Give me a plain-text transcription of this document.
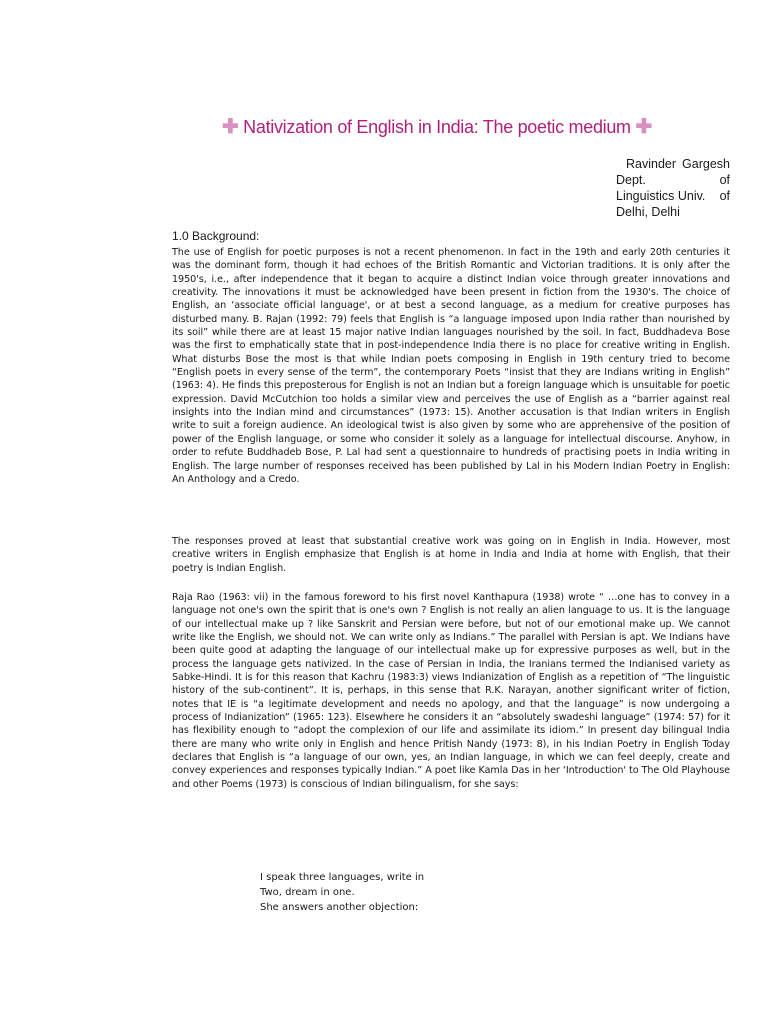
✚ Nativization of English in India: The poetic medium ✚
Ravinder Gargesh
Dept.	of
Linguistics Univ. of
Delhi, Delhi
1.0 Background:

The use of English for poetic purposes is not a recent phenomenon. In fact in the 19th and early 20th centuries it was the dominant form, though it had echoes of the British Romantic and Victorian traditions. It is only after the 1950's, i.e., after independence that it began to acquire a distinct Indian voice through greater innovations and creativity. The innovations it must be acknowledged have been present in fiction from the 1930's. The choice of English, an ‘associate official language', or at best a second language, as a medium for creative purposes has disturbed many. B. Rajan (1992: 79) feels that English is “a language imposed upon India rather than nourished by its soil” while there are at least 15 major native Indian languages nourished by the soil. In fact, Buddhadeva Bose was the first to emphatically state that in post-independence India there is no place for creative writing in English. What disturbs Bose the most is that while Indian poets composing in English in 19th century tried to become “English poets in every sense of the term”, the contemporary Poets “insist that they are Indians writing in English” (1963: 4). He finds this preposterous for English is not an Indian but a foreign language which is unsuitable for poetic expression. David McCutchion too holds a similar view and perceives the use of English as a “barrier against real insights into the Indian mind and circumstances” (1973: 15). Another accusation is that Indian writers in English write to suit a foreign audience. An ideological twist is also given by some who are apprehensive of the position of power of the English language, or some who consider it solely as a language for intellectual discourse. Anyhow, in order to refute Buddhadeb Bose, P. Lal had sent a questionnaire to hundreds of practising poets in India writing in English. The large number of responses received has been published by Lal in his Modern Indian Poetry in English: An Anthology and a Credo.

The responses proved at least that substantial creative work was going on in English in India. However, most creative writers in English emphasize that English is at home in India and India at home with English, that their poetry is Indian English.

Raja Rao (1963: vii) in the famous foreword to his first novel Kanthapura (1938) wrote “ …one has to convey in a language not one's own the spirit that is one's own ? English is not really an alien language to us. It is the language of our intellectual make up ? like Sanskrit and Persian were before, but not of our emotional make up. We cannot write like the English, we should not. We can write only as Indians.” The parallel with Persian is apt. We Indians have been quite good at adapting the language of our intellectual make up for expressive purposes as well, but in the process the language gets nativized. In the case of Persian in India, the Iranians termed the Indianised variety as Sabke-Hindi. It is for this reason that Kachru (1983:3) views Indianization of English as a repetition of “The linguistic history of the sub-continent”. It is, perhaps, in this sense that R.K. Narayan, another significant writer of fiction, notes that IE is “a legitimate development and needs no apology, and that the language” is now undergoing a process of Indianization” (1965: 123). Elsewhere he considers it an “absolutely swadeshi language” (1974: 57) for it has flexibility enough to “adopt the complexion of our life and assimilate its idiom.” In present day bilingual India there are many who write only in English and hence Pritish Nandy (1973: 8), in his Indian Poetry in English Today declares that English is “a language of our own, yes, an Indian language, in which we can feel deeply, create and convey experiences and responses typically Indian.” A poet like Kamla Das in her ‘Introduction' to The Old Playhouse and other Poems (1973) is conscious of Indian bilingualism, for she says:

I speak three languages, write in
Two, dream in one.
She answers another objection:
